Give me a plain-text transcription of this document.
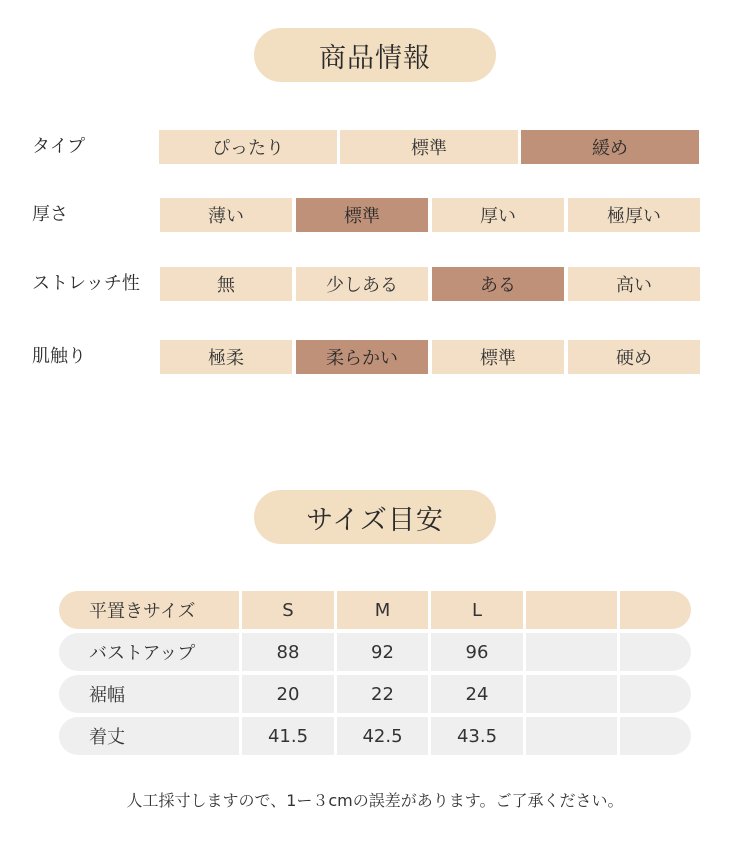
商品情報
タイプ	ぴったり	標準	緩め
厚さ	薄い	標準	厚い	極厚い
ストレッチ性	無	少しある	ある	高い
肌触り	極柔	柔らかい	標準	硬め
サイズ目安
平置きサイズ	S	M	L
バストアップ	88	92	96
裾幅	20	22	24
着丈	41.5	42.5	43.5
人工採寸しますので、1ー３cmの誤差があります。ご了承ください。
